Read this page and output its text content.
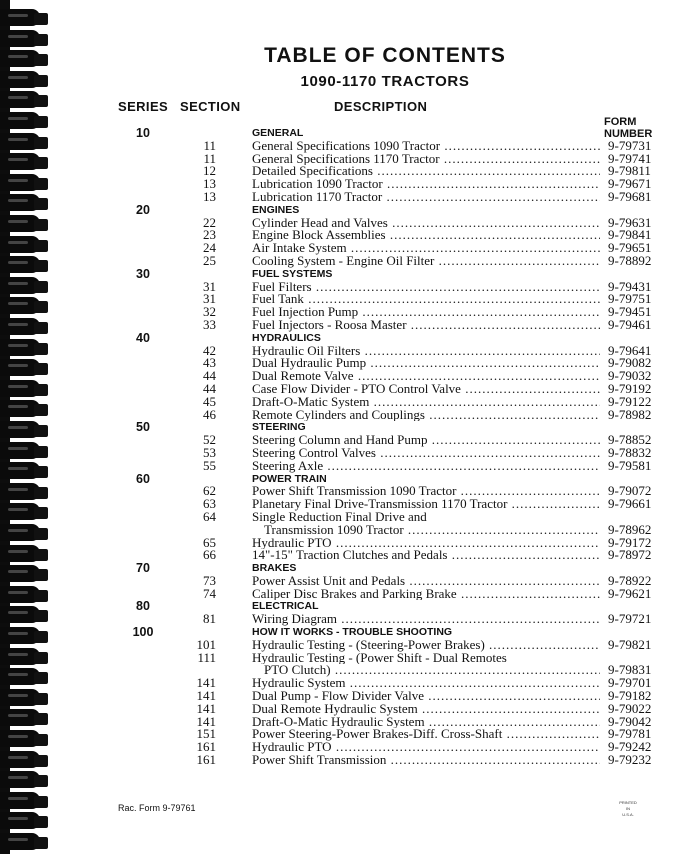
TABLE OF CONTENTS
1090-1170 TRACTORS
SERIES SECTION	DESCRIPTION
FORM
NUMBER
10	GENERAL
11	General Specifications 1090 Tractor .....	9-79731
11	General Specifications 1170 Tractor .....	9-79741
12	Detailed Specifications .....	9-79811
13	Lubrication 1090 Tractor .....	9-79671
13	Lubrication 1170 Tractor .....	9-79681
20	ENGINES
22	Cylinder Head and Valves .....	9-79631
23	Engine Block Assemblies .....	9-79841
24	Air Intake System .....	9-79651
25	Cooling System - Engine Oil Filter .....	9-78892
30	FUEL SYSTEMS
31	Fuel Filters .....	9-79431
31	Fuel Tank .....	9-79751
32	Fuel Injection Pump .....	9-79451
33	Fuel Injectors - Roosa Master .....	9-79461
40	HYDRAULICS
42	Hydraulic Oil Filters .....	9-79641
43	Dual Hydraulic Pump .....	9-79082
44	Dual Remote Valve .....	9-79032
44	Case Flow Divider - PTO Control Valve .....	9-79192
45	Draft-O-Matic System .....	9-79122
46	Remote Cylinders and Couplings .....	9-78982
50	STEERING
52	Steering Column and Hand Pump .....	9-78852
53	Steering Control Valves .....	9-78832
55	Steering Axle .....	9-79581
60	POWER TRAIN
62	Power Shift Transmission 1090 Tractor .....	9-79072
63	Planetary Final Drive-Transmission 1170 Tractor .....	9-79661
64	Single Reduction Final Drive and
Transmission 1090 Tractor .....	9-78962
65	Hydraulic PTO .....	9-79172
66	14"-15" Traction Clutches and Pedals .....	9-78972
70	BRAKES
73	Power Assist Unit and Pedals .....	9-78922
74	Caliper Disc Brakes and Parking Brake .....	9-79621
80	ELECTRICAL
81	Wiring Diagram .....	9-79721
100	HOW IT WORKS - TROUBLE SHOOTING
101	Hydraulic Testing - (Steering-Power Brakes) .....	9-79821
111	Hydraulic Testing - (Power Shift - Dual Remotes
PTO Clutch) .....	9-79831
141	Hydraulic System .....	9-79701
141	Dual Pump - Flow Divider Valve .....	9-79182
141	Dual Remote Hydraulic System .....	9-79022
141	Draft-O-Matic Hydraulic System .....	9-79042
151	Power Steering-Power Brakes-Diff. Cross-Shaft .....	9-79781
161	Hydraulic PTO .....	9-79242
161	Power Shift Transmission .....	9-79232
Rac. Form 9-79761
PRINTED
IN
U.S.A.
